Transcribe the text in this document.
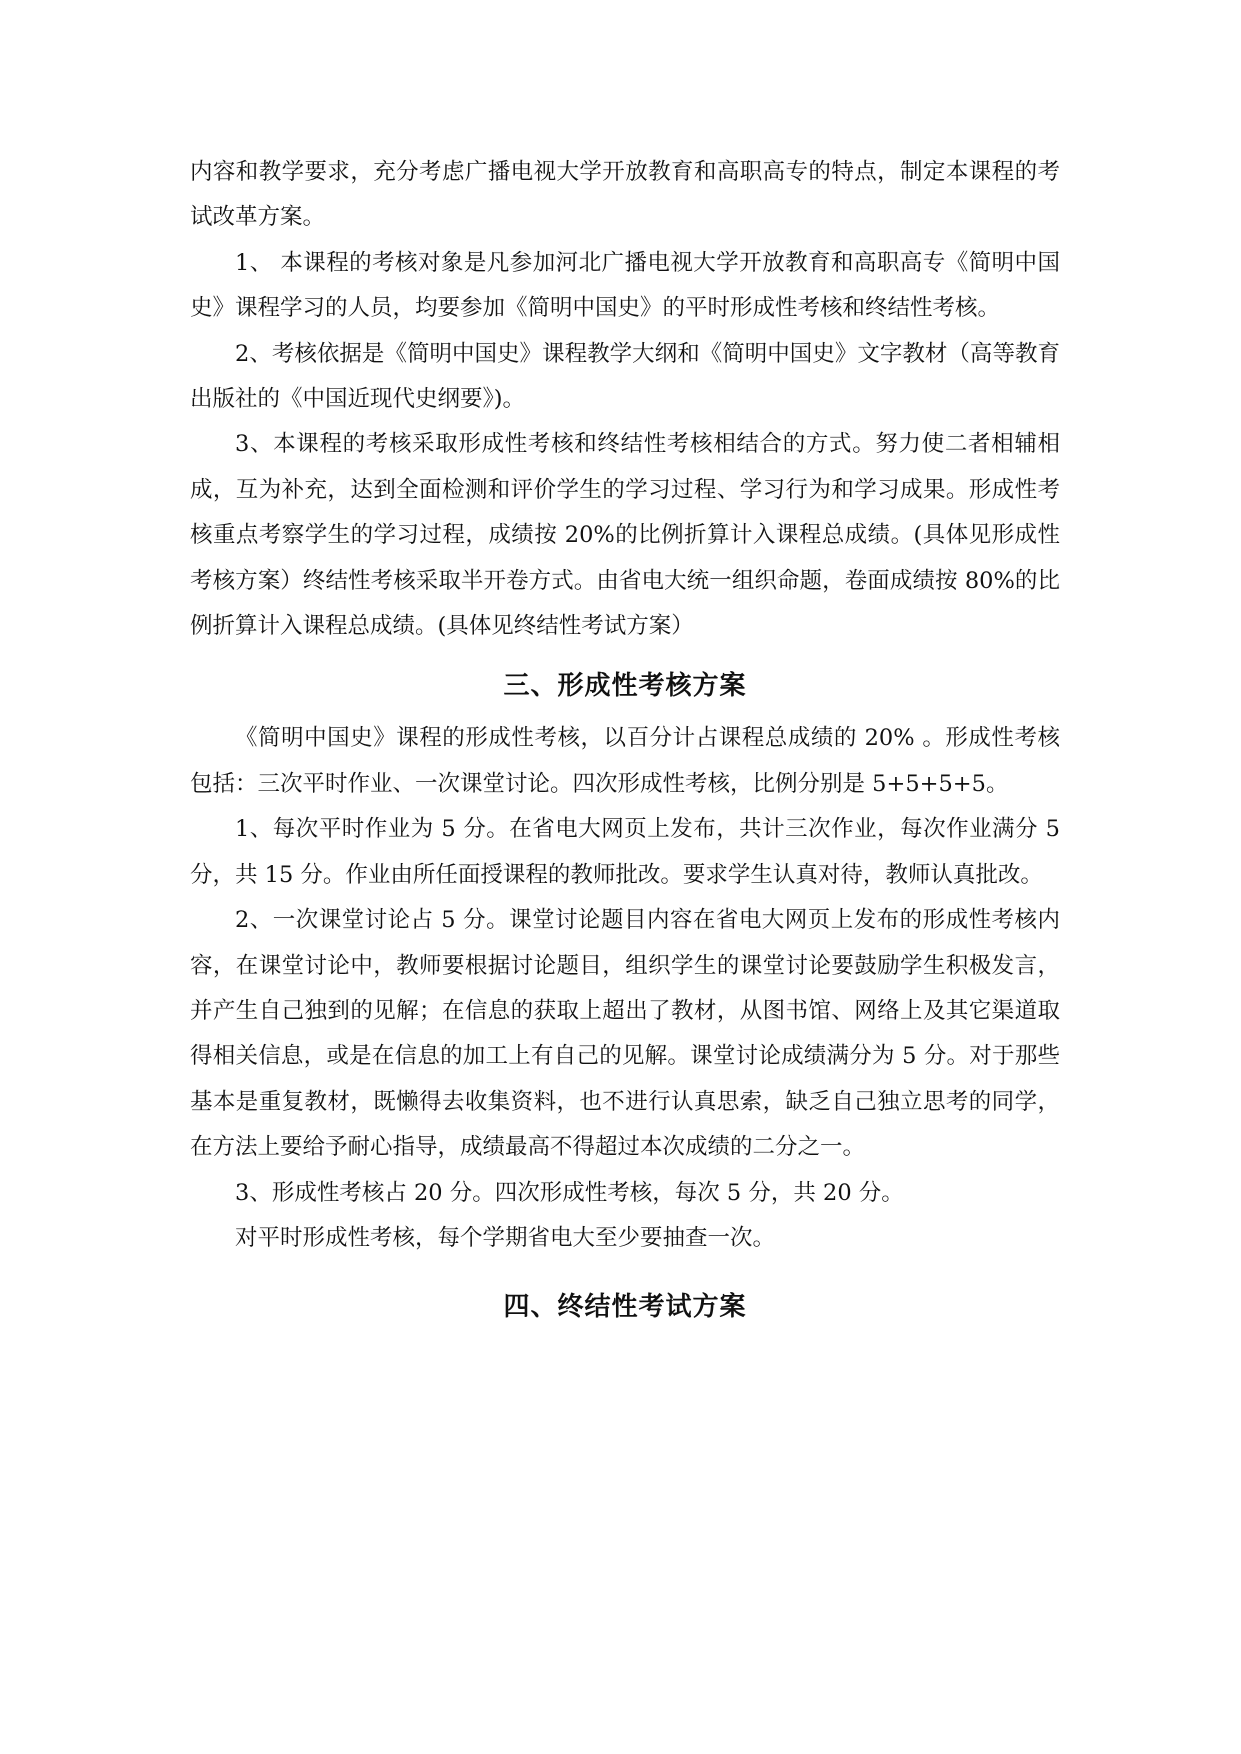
内容和教学要求，充分考虑广播电视大学开放教育和高职高专的特点，制定本课程的考试改革方案。

1、 本课程的考核对象是凡参加河北广播电视大学开放教育和高职高专《简明中国史》课程学习的人员，均要参加《简明中国史》的平时形成性考核和终结性考核。

2、考核依据是《简明中国史》课程教学大纲和《简明中国史》文字教材（高等教育出版社的《中国近现代史纲要》)。

3、本课程的考核采取形成性考核和终结性考核相结合的方式。努力使二者相辅相成，互为补充，达到全面检测和评价学生的学习过程、学习行为和学习成果。形成性考核重点考察学生的学习过程，成绩按 20%的比例折算计入课程总成绩。(具体见形成性考核方案）终结性考核采取半开卷方式。由省电大统一组织命题，卷面成绩按 80%的比例折算计入课程总成绩。(具体见终结性考试方案）

三、形成性考核方案

《简明中国史》课程的形成性考核，以百分计占课程总成绩的 20% 。形成性考核包括：三次平时作业、一次课堂讨论。四次形成性考核，比例分别是 5+5+5+5。

1、每次平时作业为 5 分。在省电大网页上发布，共计三次作业，每次作业满分 5 分，共 15 分。作业由所任面授课程的教师批改。要求学生认真对待，教师认真批改。

2、一次课堂讨论占 5 分。课堂讨论题目内容在省电大网页上发布的形成性考核内容，在课堂讨论中，教师要根据讨论题目，组织学生的课堂讨论要鼓励学生积极发言，并产生自己独到的见解；在信息的获取上超出了教材，从图书馆、网络上及其它渠道取得相关信息，或是在信息的加工上有自己的见解。课堂讨论成绩满分为 5 分。对于那些基本是重复教材，既懒得去收集资料，也不进行认真思索，缺乏自己独立思考的同学，在方法上要给予耐心指导，成绩最高不得超过本次成绩的二分之一。

3、形成性考核占 20 分。四次形成性考核，每次 5 分，共 20 分。

对平时形成性考核，每个学期省电大至少要抽查一次。

四、终结性考试方案
